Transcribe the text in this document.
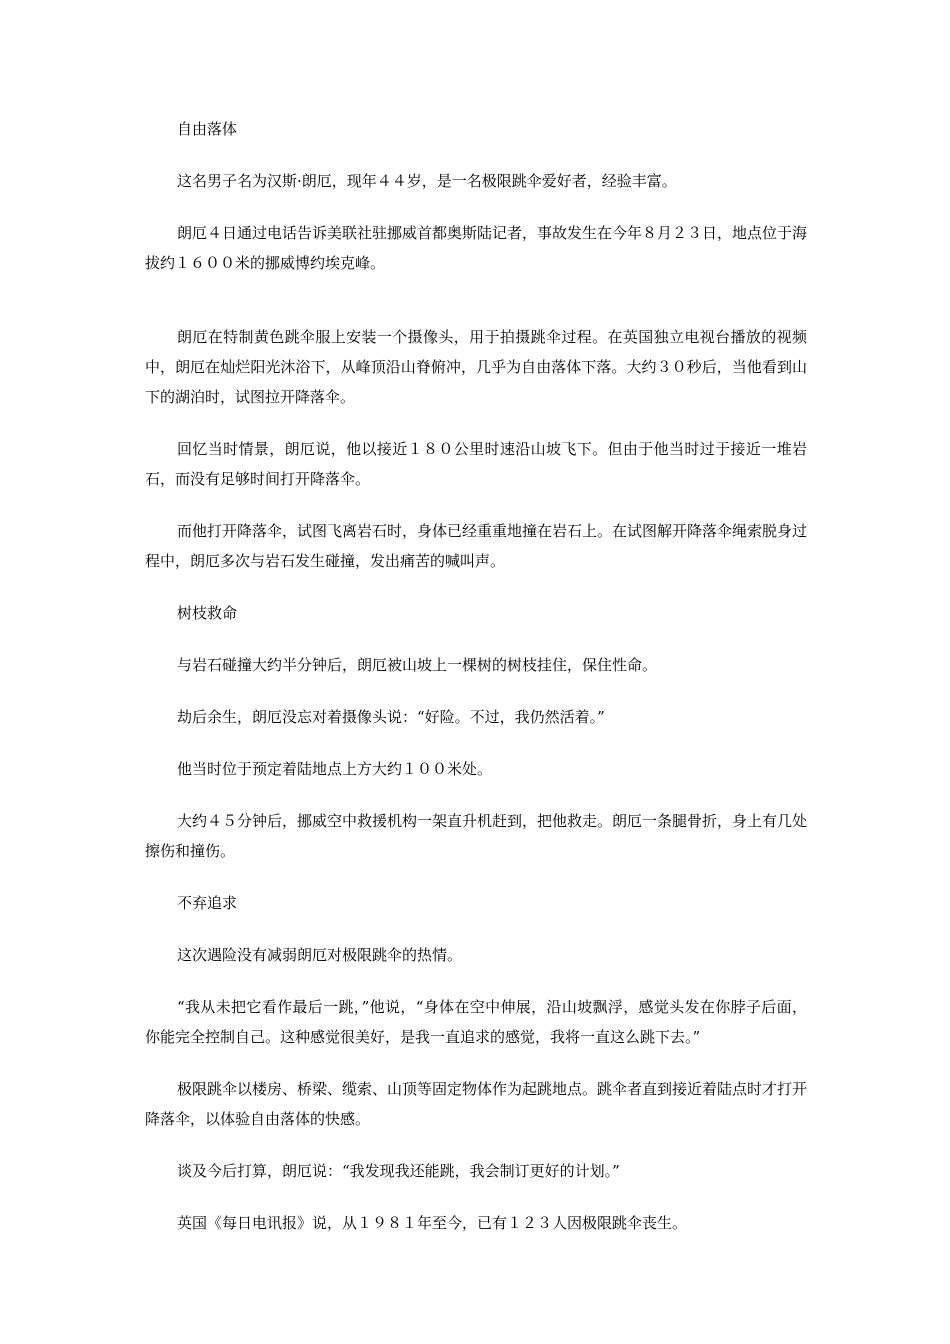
自由落体

这名男子名为汉斯·朗厄，现年４４岁，是一名极限跳伞爱好者，经验丰富。

朗厄４日通过电话告诉美联社驻挪威首都奥斯陆记者，事故发生在今年８月２３日，地点位于海拔约１６００米的挪威博约埃克峰。

朗厄在特制黄色跳伞服上安装一个摄像头，用于拍摄跳伞过程。在英国独立电视台播放的视频中，朗厄在灿烂阳光沐浴下，从峰顶沿山脊俯冲，几乎为自由落体下落。大约３０秒后，当他看到山下的湖泊时，试图拉开降落伞。

回忆当时情景，朗厄说，他以接近１８０公里时速沿山坡飞下。但由于他当时过于接近一堆岩石，而没有足够时间打开降落伞。

而他打开降落伞，试图飞离岩石时，身体已经重重地撞在岩石上。在试图解开降落伞绳索脱身过程中，朗厄多次与岩石发生碰撞，发出痛苦的喊叫声。

树枝救命

与岩石碰撞大约半分钟后，朗厄被山坡上一棵树的树枝挂住，保住性命。

劫后余生，朗厄没忘对着摄像头说：“好险。不过，我仍然活着。”

他当时位于预定着陆地点上方大约１００米处。

大约４５分钟后，挪威空中救援机构一架直升机赶到，把他救走。朗厄一条腿骨折，身上有几处擦伤和撞伤。

不弃追求

这次遇险没有减弱朗厄对极限跳伞的热情。

“我从未把它看作最后一跳，”他说，“身体在空中伸展，沿山坡飘浮，感觉头发在你脖子后面，你能完全控制自己。这种感觉很美好，是我一直追求的感觉，我将一直这么跳下去。”

极限跳伞以楼房、桥梁、缆索、山顶等固定物体作为起跳地点。跳伞者直到接近着陆点时才打开降落伞，以体验自由落体的快感。

谈及今后打算，朗厄说：“我发现我还能跳，我会制订更好的计划。”

英国《每日电讯报》说，从１９８１年至今，已有１２３人因极限跳伞丧生。
